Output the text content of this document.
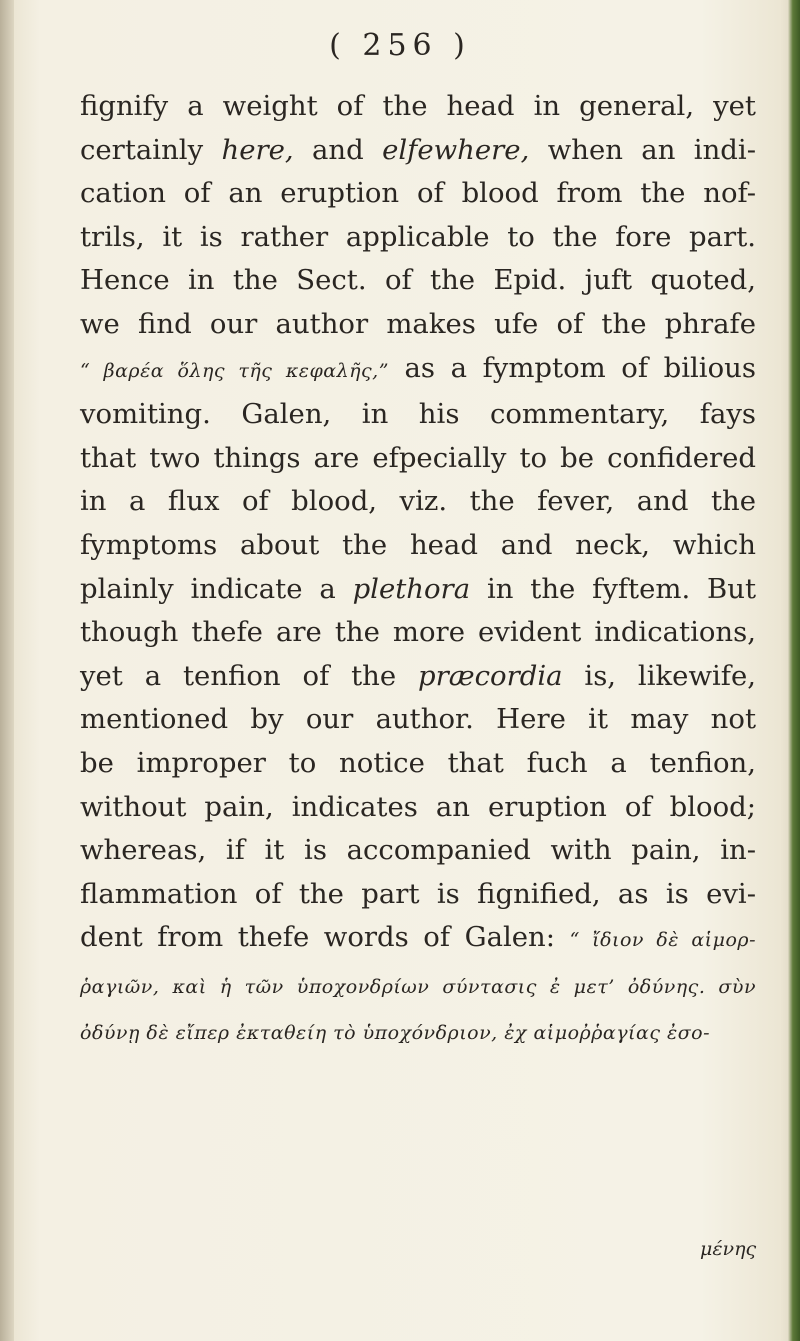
( 256 )
fignify a weight of the head in general, yet
certainly here, and elfewhere, when an indi-
cation of an eruption of blood from the nof-
trils, it is rather applicable to the fore part.
Hence in the Sect. of the Epid. juft quoted,
we find our author makes ufe of the phrafe
“ βαρέα ὅλης τῆς κεφαλῆς,” as a fymptom of bilious
vomiting. Galen, in his commentary, fays
that two things are efpecially to be confidered
in a flux of blood, viz. the fever, and the
fymptoms about the head and neck, which
plainly indicate a plethora in the fyftem. But
though thefe are the more evident indications,
yet a tenfion of the præcordia is, likewife,
mentioned by our author. Here it may not
be improper to notice that fuch a tenfion,
without pain, indicates an eruption of blood;
whereas, if it is accompanied with pain, in-
flammation of the part is fignified, as is evi-
dent from thefe words of Galen: “ ἴδιον δὲ αἱμορ-
ῥαγιῶν, καὶ ἡ τῶν ὑποχονδρίων σύντασις ἐ μετ’ ὀδύνης. σὺν
ὀδύνῃ δὲ εἴπερ ἐκταθείη τὸ ὑποχόνδριον, ἐχ αἱμοῤῥαγίας ἐσο-
μένης
